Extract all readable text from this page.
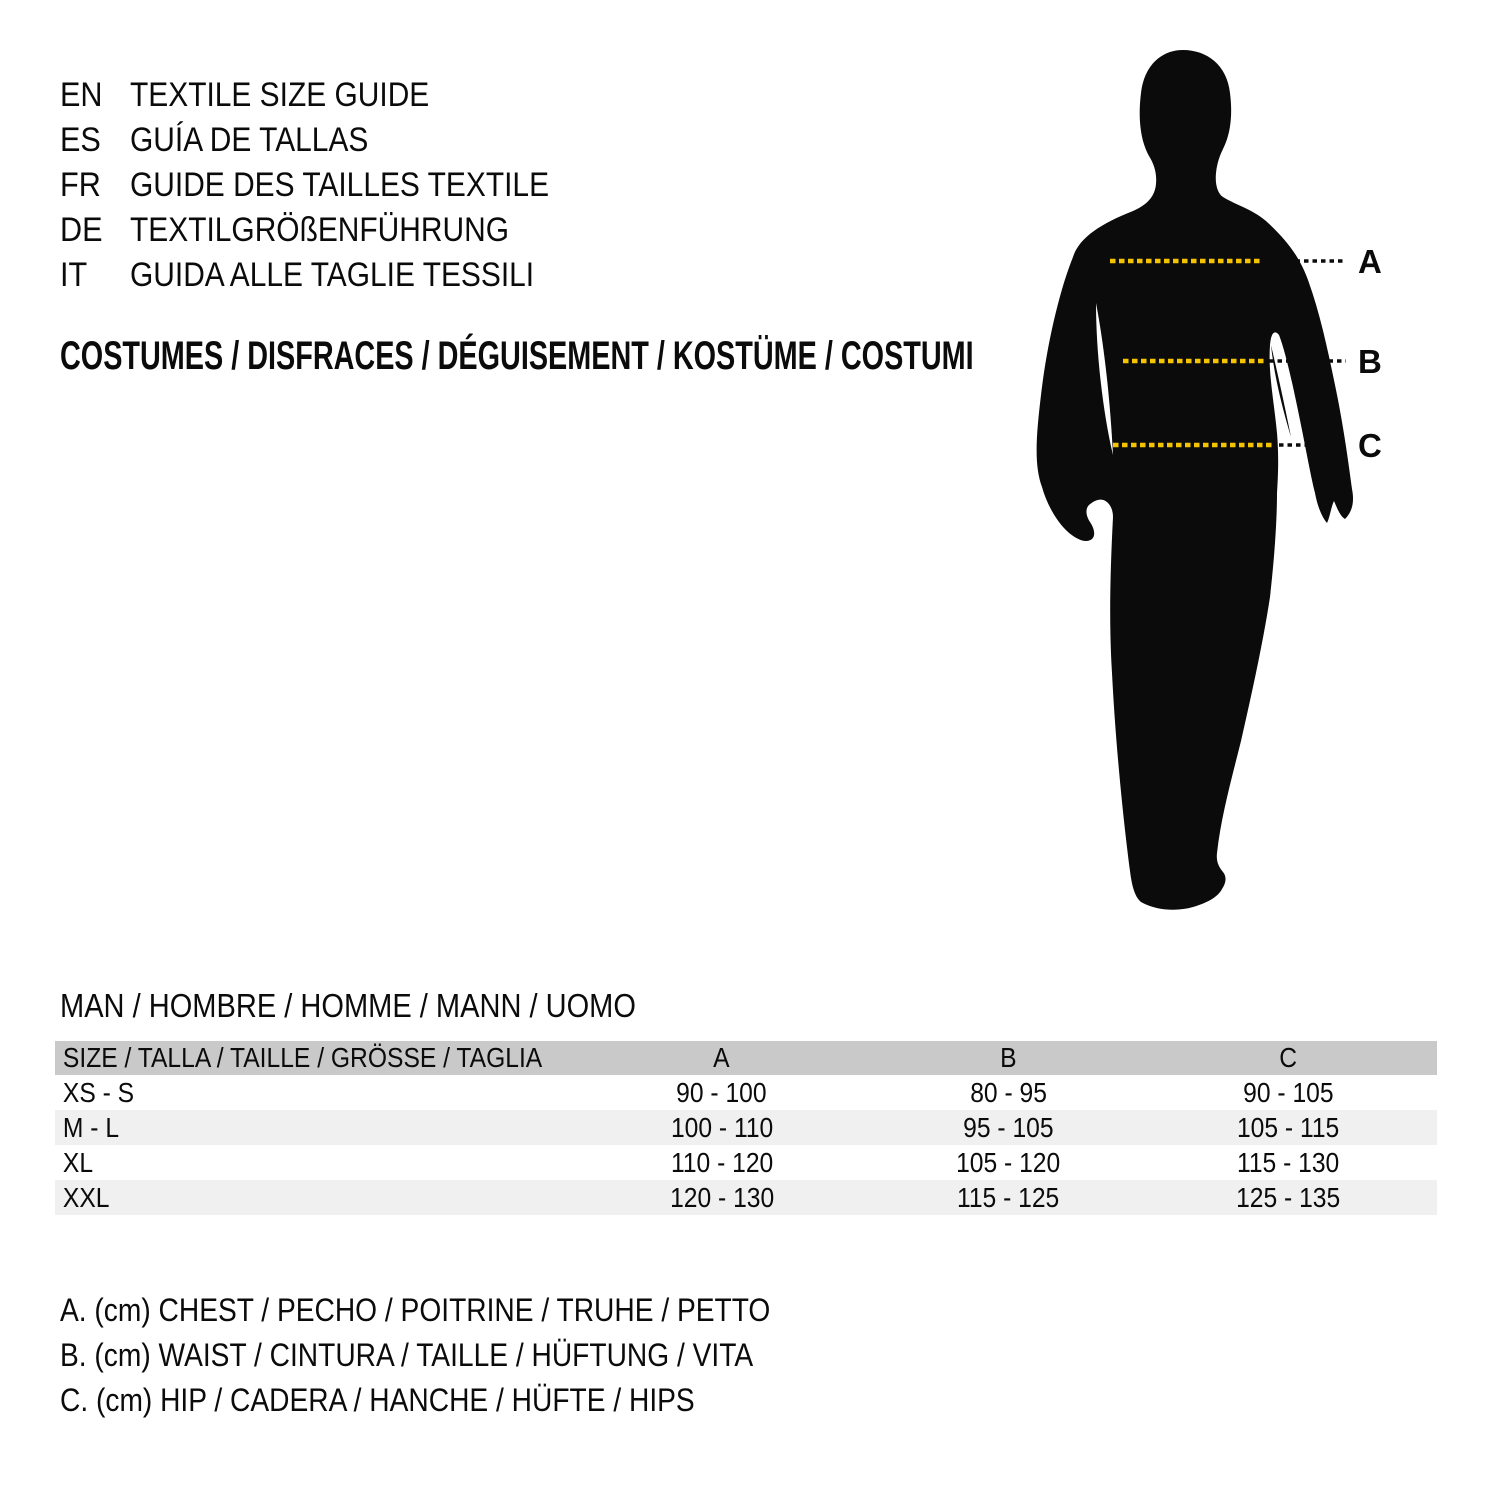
EN TEXTILE SIZE GUIDE
ES GUÍA DE TALLAS
FR GUIDE DES TAILLES TEXTILE
DE TEXTILGRÖßENFÜHRUNG
IT	GUIDA ALLE TAGLIE TESSILI
COSTUMES / DISFRACES / DÉGUISEMENT / KOSTÜME / COSTUMI
A
B
C
MAN / HOMBRE / HOMME / MANN / UOMO
SIZE / TALLA / TAILLE / GRÖSSE / TAGLIA	A	B	C
XS - S	90 - 100	80 - 95	90 - 105
M - L	100 - 110	95 - 105	105 - 115
XL	110 - 120	105 - 120	115 - 130
XXL	120 - 130	115 - 125	125 - 135
A. (cm) CHEST / PECHO / POITRINE / TRUHE / PETTO
B. (cm) WAIST / CINTURA / TAILLE / HÜFTUNG / VITA
C. (cm) HIP / CADERA / HANCHE / HÜFTE / HIPS
